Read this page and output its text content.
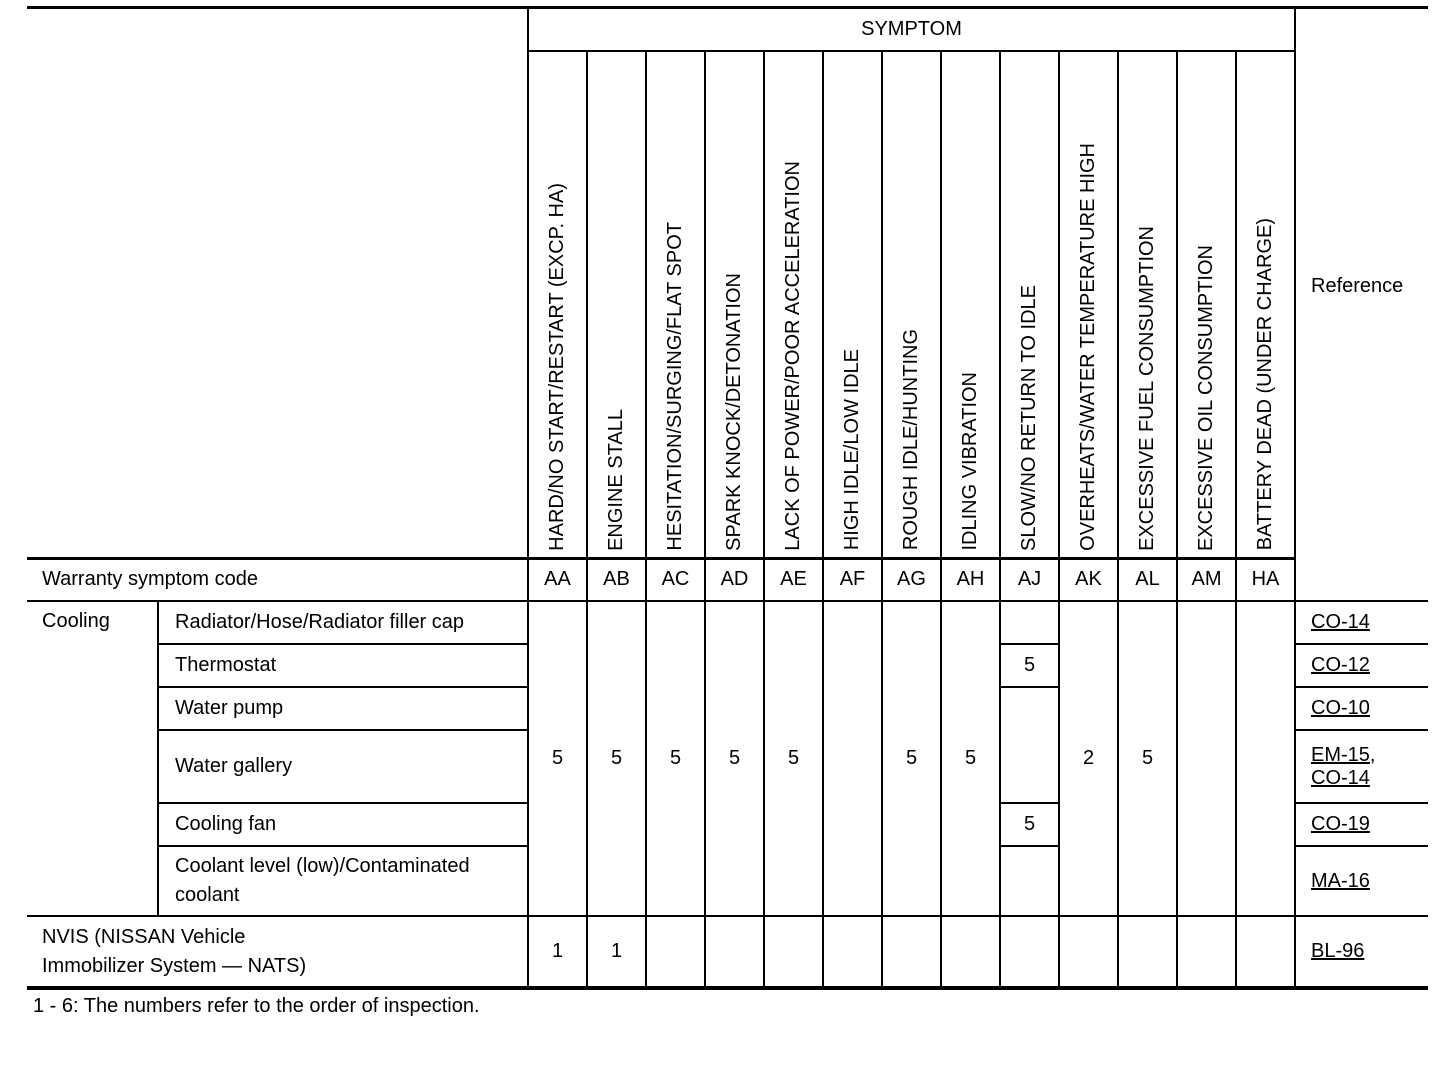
		SYMPTOM													Reference
		HARD/NO START/RESTART (EXCP. HA)	ENGINE STALL	HESITATION/SURGING/FLAT SPOT	SPARK KNOCK/DETONATION	LACK OF POWER/POOR ACCELERATION	HIGH IDLE/LOW IDLE	ROUGH IDLE/HUNTING	IDLING VIBRATION	SLOW/NO RETURN TO IDLE	OVERHEATS/WATER TEMPERATURE HIGH	EXCESSIVE FUEL CONSUMPTION	EXCESSIVE OIL CONSUMPTION	BATTERY DEAD (UNDER CHARGE)	
Warranty symptom code		AA	AB	AC	AD	AE	AF	AG	AH	AJ	AK	AL	AM	HA	
Cooling	Radiator/Hose/Radiator filler cap	5	5	5	5	5		5	5		2	5			CO-14
	Thermostat									5					CO-12
	Water pump														CO-10
	Water gallery														EM-15,
CO-14
	Cooling fan									5					CO-19
	Coolant level (low)/Contaminated coolant														MA-16
NVIS (NISSAN Vehicle Immobilizer System — NATS)		1	1												BL-96
1 - 6: The numbers refer to the order of inspection.
